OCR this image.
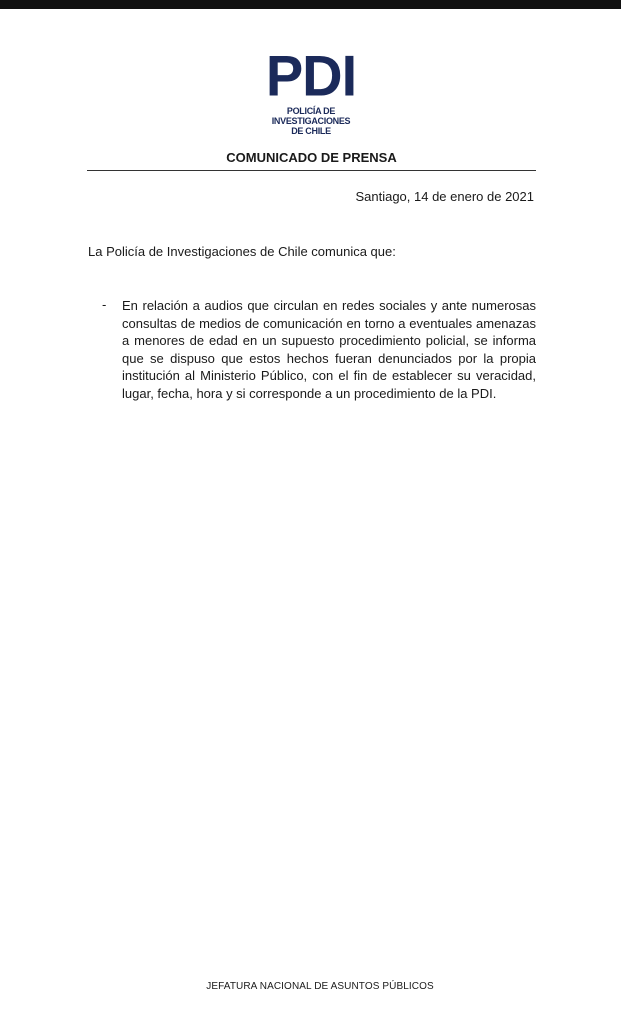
PDI
POLICÍA DE INVESTIGACIONES
DE CHILE
COMUNICADO DE PRENSA
Santiago, 14 de enero de 2021
La Policía de Investigaciones de Chile comunica que:
- En relación a audios que circulan en redes sociales y ante numerosas consultas de medios de comunicación en torno a eventuales amenazas a menores de edad en un supuesto procedimiento policial, se informa que se dispuso que estos hechos fueran denunciados por la propia institución al Ministerio Público, con el fin de establecer su veracidad, lugar, fecha, hora y si corresponde a un procedimiento de la PDI.
JEFATURA NACIONAL DE ASUNTOS PÚBLICOS
